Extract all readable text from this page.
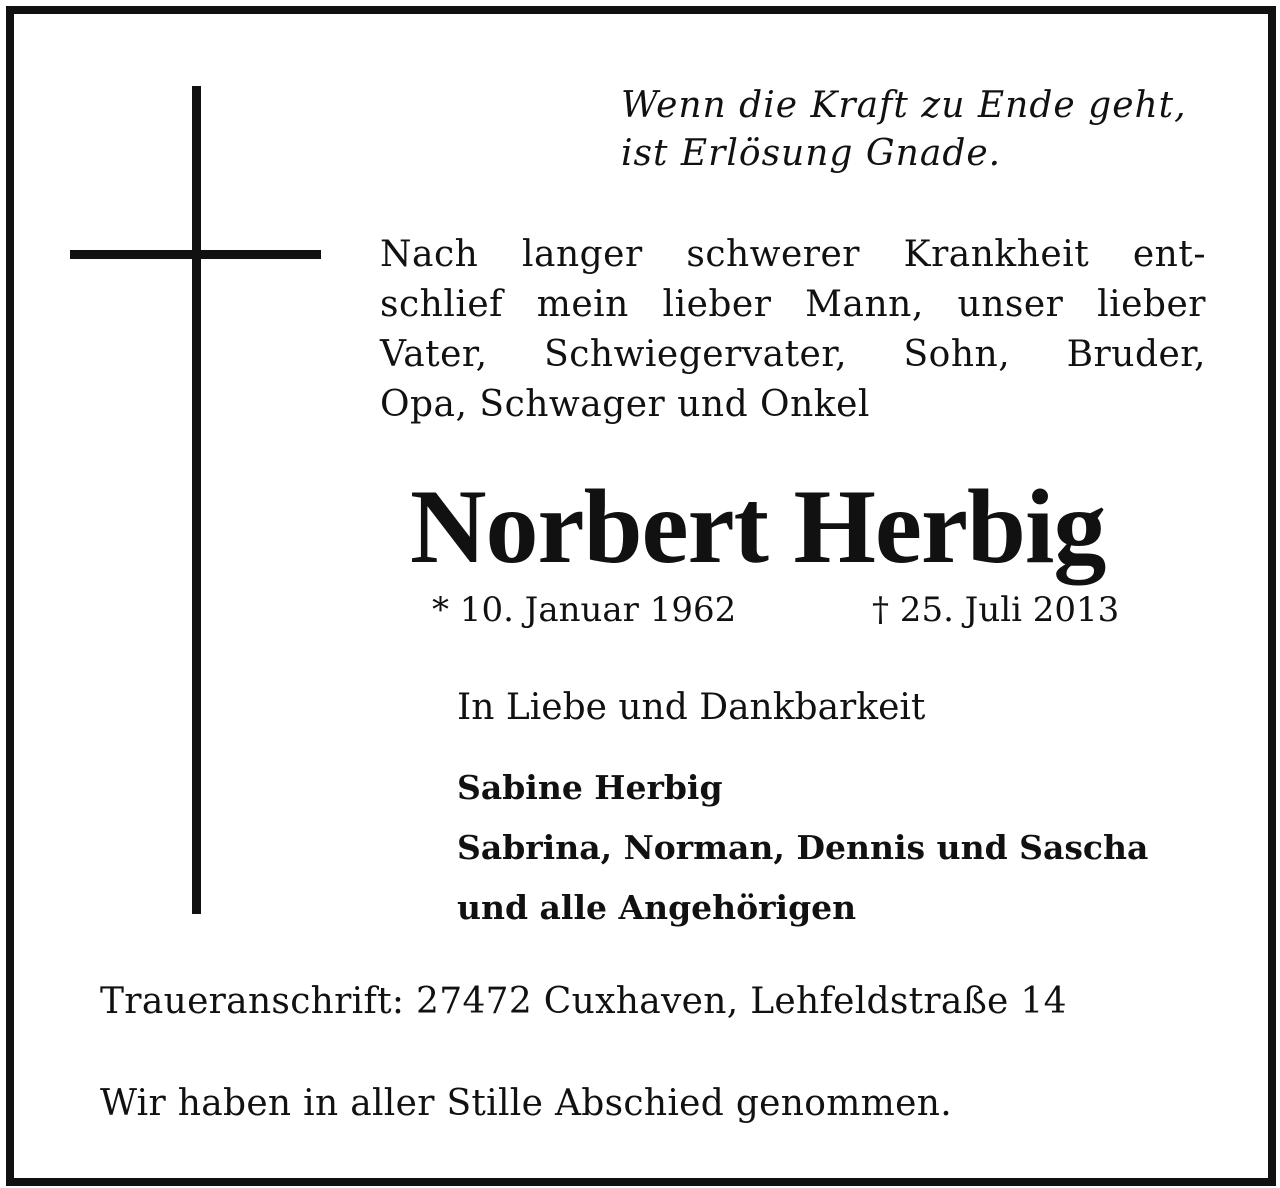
Wenn die Kraft zu Ende geht,
ist Erlösung Gnade.
Nach langer schwerer Krankheit ent-
schlief mein lieber Mann, unser lieber
Vater, Schwiegervater, Sohn, Bruder,
Opa, Schwager und Onkel
Norbert Herbig
* 10. Januar 1962	† 25. Juli 2013
In Liebe und Dankbarkeit
Sabine Herbig
Sabrina, Norman, Dennis und Sascha
und alle Angehörigen
Traueranschrift: 27472 Cuxhaven, Lehfeldstraße 14
Wir haben in aller Stille Abschied genommen.
